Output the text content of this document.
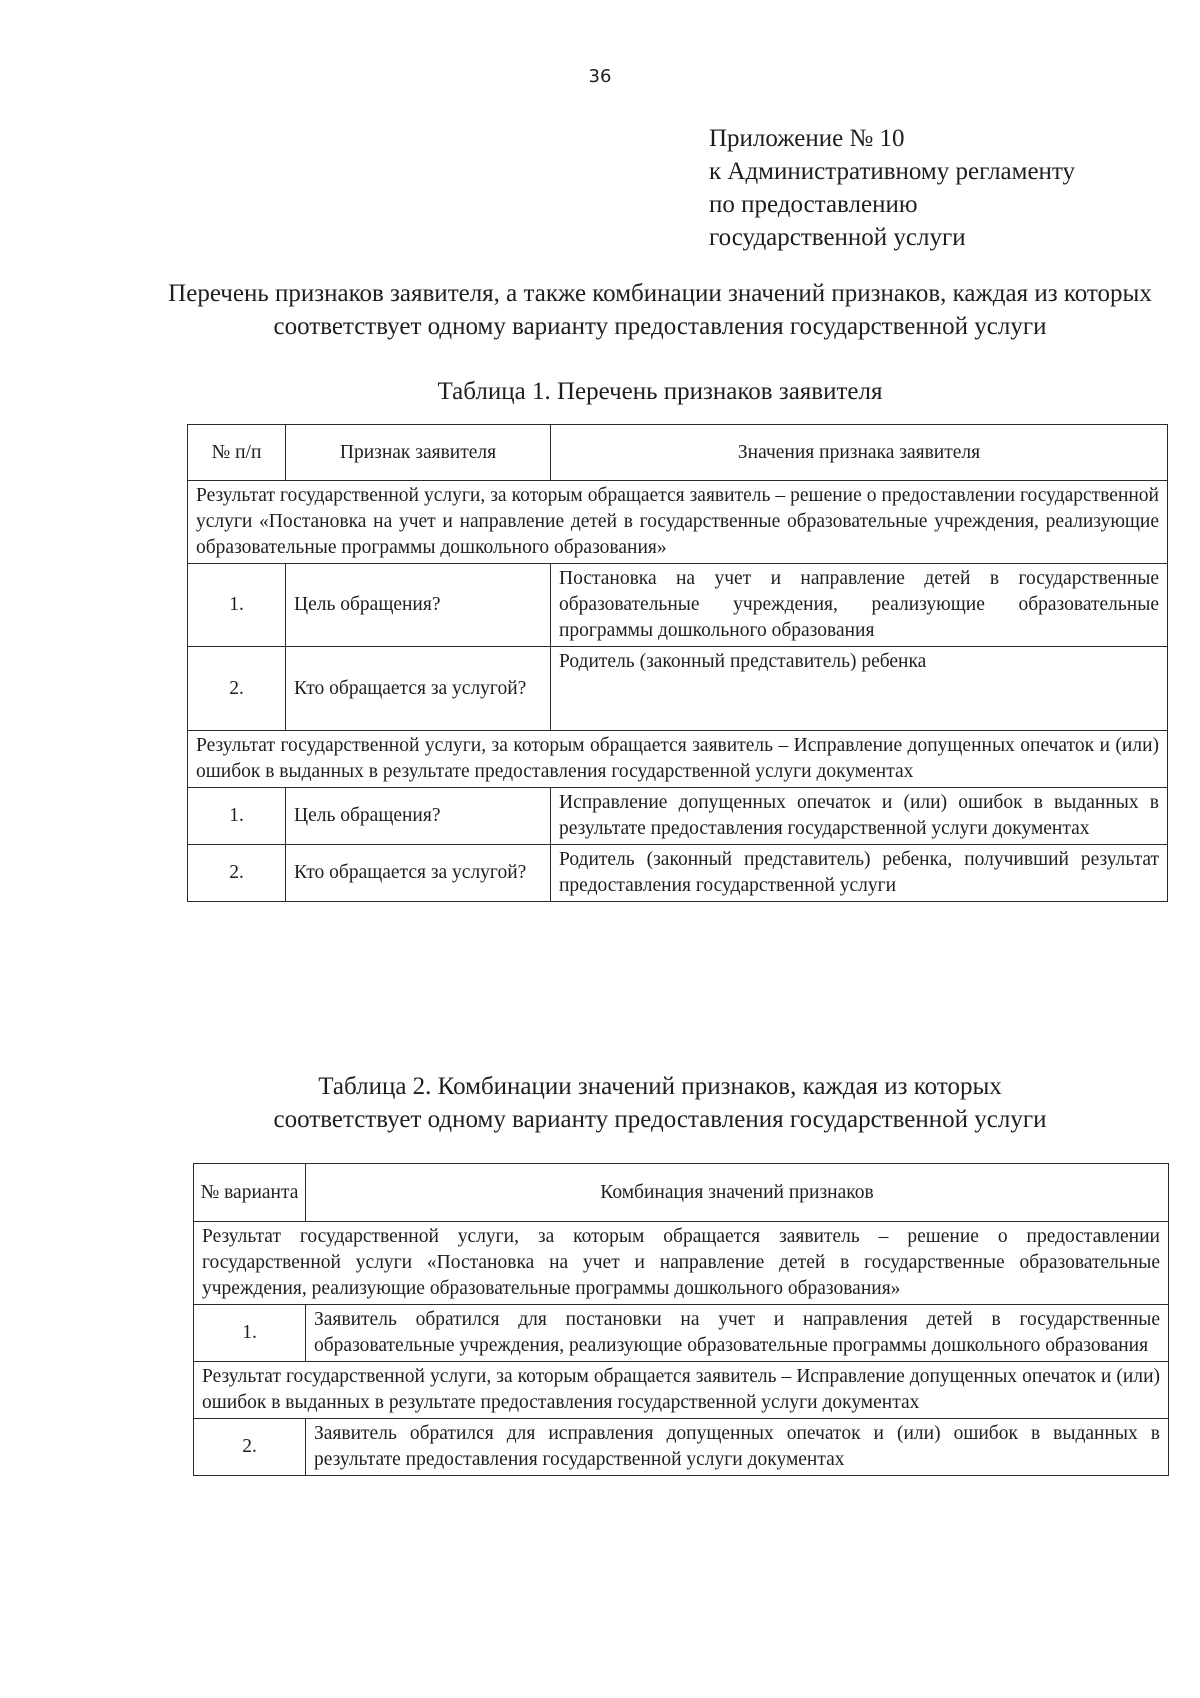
36
Приложение № 10
к Административному регламенту
по предоставлению
государственной услуги
Перечень признаков заявителя, а также комбинации значений признаков, каждая из которых соответствует одному варианту предоставления государственной услуги
Таблица 1. Перечень признаков заявителя
№ п/п	Признак заявителя	Значения признака заявителя
Результат государственной услуги, за которым обращается заявитель – решение о предоставлении государственной услуги «Постановка на учет и направление детей в государственные образовательные учреждения, реализующие образовательные программы дошкольного образования»		
1.	Цель обращения?	Постановка на учет и направление детей в государственные образовательные учреждения, реализующие образовательные программы дошкольного образования
2.	Кто обращается за услугой?	Родитель (законный представитель) ребенка
Результат государственной услуги, за которым обращается заявитель – Исправление допущенных опечаток и (или) ошибок в выданных в результате предоставления государственной услуги документах		
1.	Цель обращения?	Исправление допущенных опечаток и (или) ошибок в выданных в результате предоставления государственной услуги документах
2.	Кто обращается за услугой?	Родитель (законный представитель) ребенка, получивший результат предоставления государственной услуги
Таблица 2. Комбинации значений признаков, каждая из которых
соответствует одному варианту предоставления государственной услуги
№ варианта	Комбинация значений признаков
Результат государственной услуги, за которым обращается заявитель – решение о предоставлении государственной услуги «Постановка на учет и направление детей в государственные образовательные учреждения, реализующие образовательные программы дошкольного образования»	
1.	Заявитель обратился для постановки на учет и направления детей в государственные образовательные учреждения, реализующие образовательные программы дошкольного образования
Результат государственной услуги, за которым обращается заявитель – Исправление допущенных опечаток и (или) ошибок в выданных в результате предоставления государственной услуги документах	
2.	Заявитель обратился для исправления допущенных опечаток и (или) ошибок в выданных в результате предоставления государственной услуги документах
